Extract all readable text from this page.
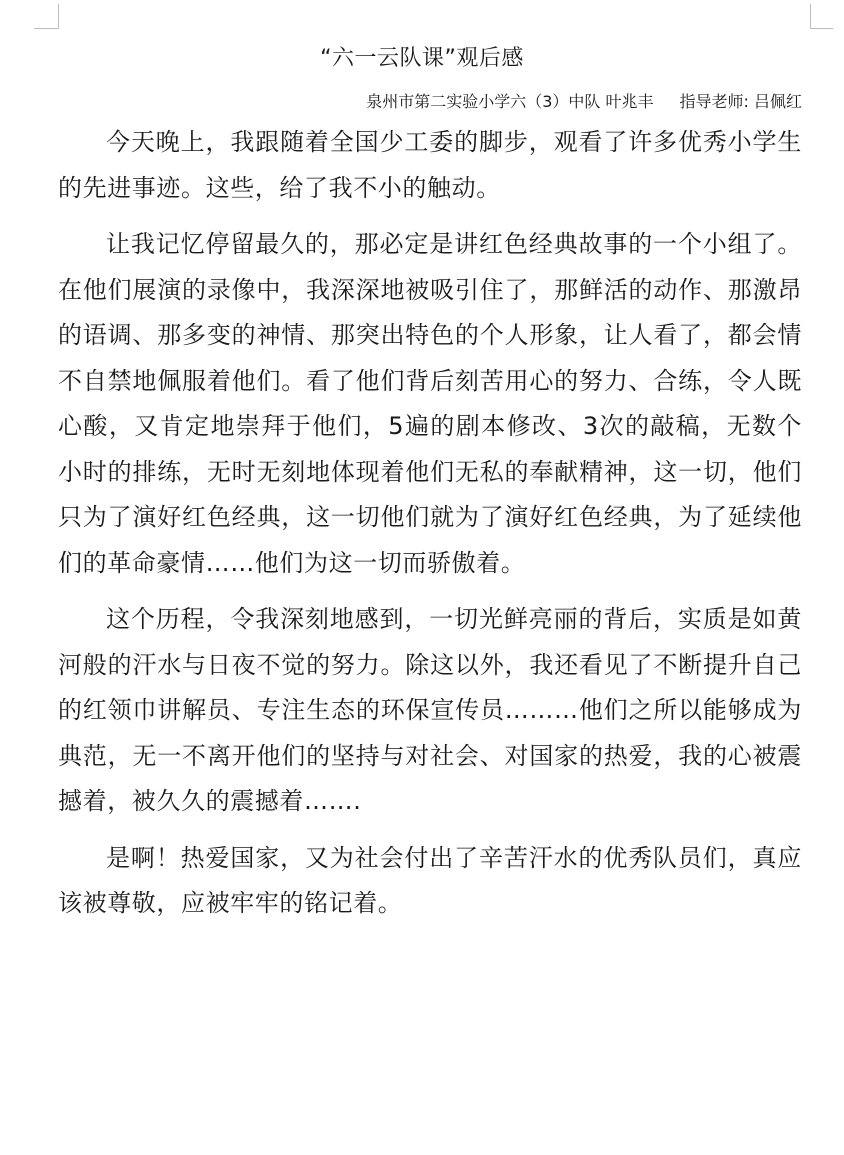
“六一云队课”观后感
泉州市第二实验小学六（3）中队 叶兆丰 指导老师: 吕佩红

今天晚上，我跟随着全国少工委的脚步，观看了许多优秀小学生的先进事迹。这些，给了我不小的触动。

让我记忆停留最久的，那必定是讲红色经典故事的一个小组了。在他们展演的录像中，我深深地被吸引住了，那鲜活的动作、那激昂的语调、那多变的神情、那突出特色的个人形象，让人看了，都会情不自禁地佩服着他们。看了他们背后刻苦用心的努力、合练，令人既心酸，又肯定地崇拜于他们，5遍的剧本修改、3次的敲稿，无数个小时的排练，无时无刻地体现着他们无私的奉献精神，这一切，他们只为了演好红色经典，这一切他们就为了演好红色经典，为了延续他们的革命豪情……他们为这一切而骄傲着。

这个历程，令我深刻地感到，一切光鲜亮丽的背后，实质是如黄河般的汗水与日夜不觉的努力。除这以外，我还看见了不断提升自己的红领巾讲解员、专注生态的环保宣传员………他们之所以能够成为典范，无一不离开他们的坚持与对社会、对国家的热爱，我的心被震撼着，被久久的震撼着…….

是啊！热爱国家，又为社会付出了辛苦汗水的优秀队员们，真应该被尊敬，应被牢牢的铭记着。
